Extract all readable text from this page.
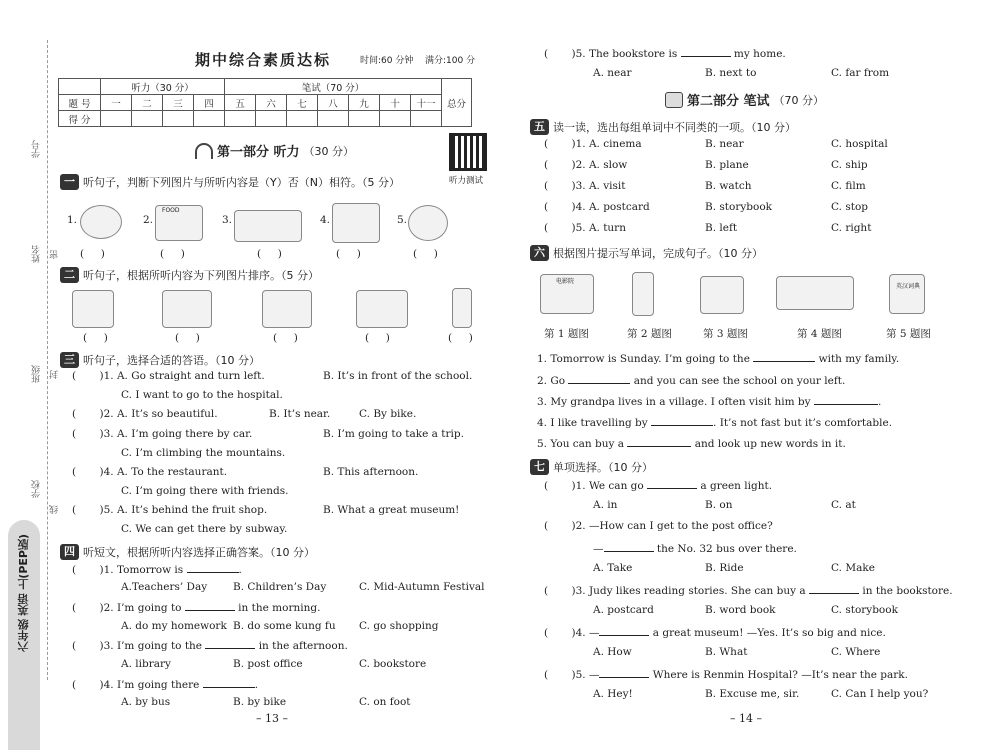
学号
姓名
班级
学校
密
封
线
六年级 英语 上(PEP版)
期中综合素质达标	时间:60 分钟 满分:100 分
	听力（30 分）				笔试（70 分）							总分
题 号	一	二	三	四	五	六	七	八	九	十	十一	
得 分												
第一部分 听力 （30 分）
听力测试
一 听句子，判断下列图片与所听内容是（Y）否（N）相符。（5 分）
1.	2.
FOOD
3.	4.	5.
(     )	(     )	(     )	(     )	(     )
二 听句子，根据所听内容为下列图片排序。（5 分）
(     )	(     )	(     )	(     )	(     )
三 听句子，选择合适的答语。（10 分）
(       )1. A. Go straight and turn left.	B. It’s in front of the school.
C. I want to go to the hospital.
(       )2. A. It’s so beautiful.	B. It’s near.	C. By bike.
(       )3. A. I’m going there by car.	B. I’m going to take a trip.
C. I’m climbing the mountains.
(       )4. A. To the restaurant.	B. This afternoon.
C. I’m going there with friends.
(       )5. A. It’s behind the fruit shop.	B. What a great museum!
C. We can get there by subway.
四 听短文，根据所听内容选择正确答案。（10 分）
(       )1. Tomorrow is	.
A.Teachers’ Day B. Children’s Day	C. Mid-Autumn Festival
(       )2. I’m going to	in the morning.
A. do my homework B. do some kung fu C. go shopping
(       )3. I’m going to the	in the afternoon.
A. library	B. post office	C. bookstore
(       )4. I’m going there	.
A. by bus	B. by bike	C. on foot
– 13 –
(       )5. The bookstore is	my home.
A. near	B. next to	C. far from
第二部分 笔试 （70 分）
五 读一读，选出每组单词中不同类的一项。（10 分）
(       )1. A. cinema	B. near	C. hospital
(       )2. A. slow	B. plane	C. ship
(       )3. A. visit	B. watch	C. film
(       )4. A. postcard	B. storybook	C. stop
(       )5. A. turn	B. left	C. right
六 根据图片提示写单词，完成句子。（10 分）
电影院
英汉词典
第 1 题图	第 2 题图	第 3 题图	第 4 题图	第 5 题图
1. Tomorrow is Sunday. I’m going to the	with my family.
2. Go	and you can see the school on your left.
3. My grandpa lives in a village. I often visit him by	.
4. I like travelling by	. It’s not fast but it’s comfortable.
5. You can buy a	and look up new words in it.
七 单项选择。（10 分）
(       )1. We can go	a green light.
A. in	B. on	C. at
(       )2. —How can I get to the post office?
—	the No. 32 bus over there.
A. Take	B. Ride	C. Make
(       )3. Judy likes reading stories. She can buy a	in the bookstore.
A. postcard	B. word book	C. storybook
(       )4. —	a great museum! —Yes. It’s so big and nice.
A. How	B. What	C. Where
(       )5. —	Where is Renmin Hospital? —It’s near the park.
A. Hey!	B. Excuse me, sir.	C. Can I help you?
– 14 –
